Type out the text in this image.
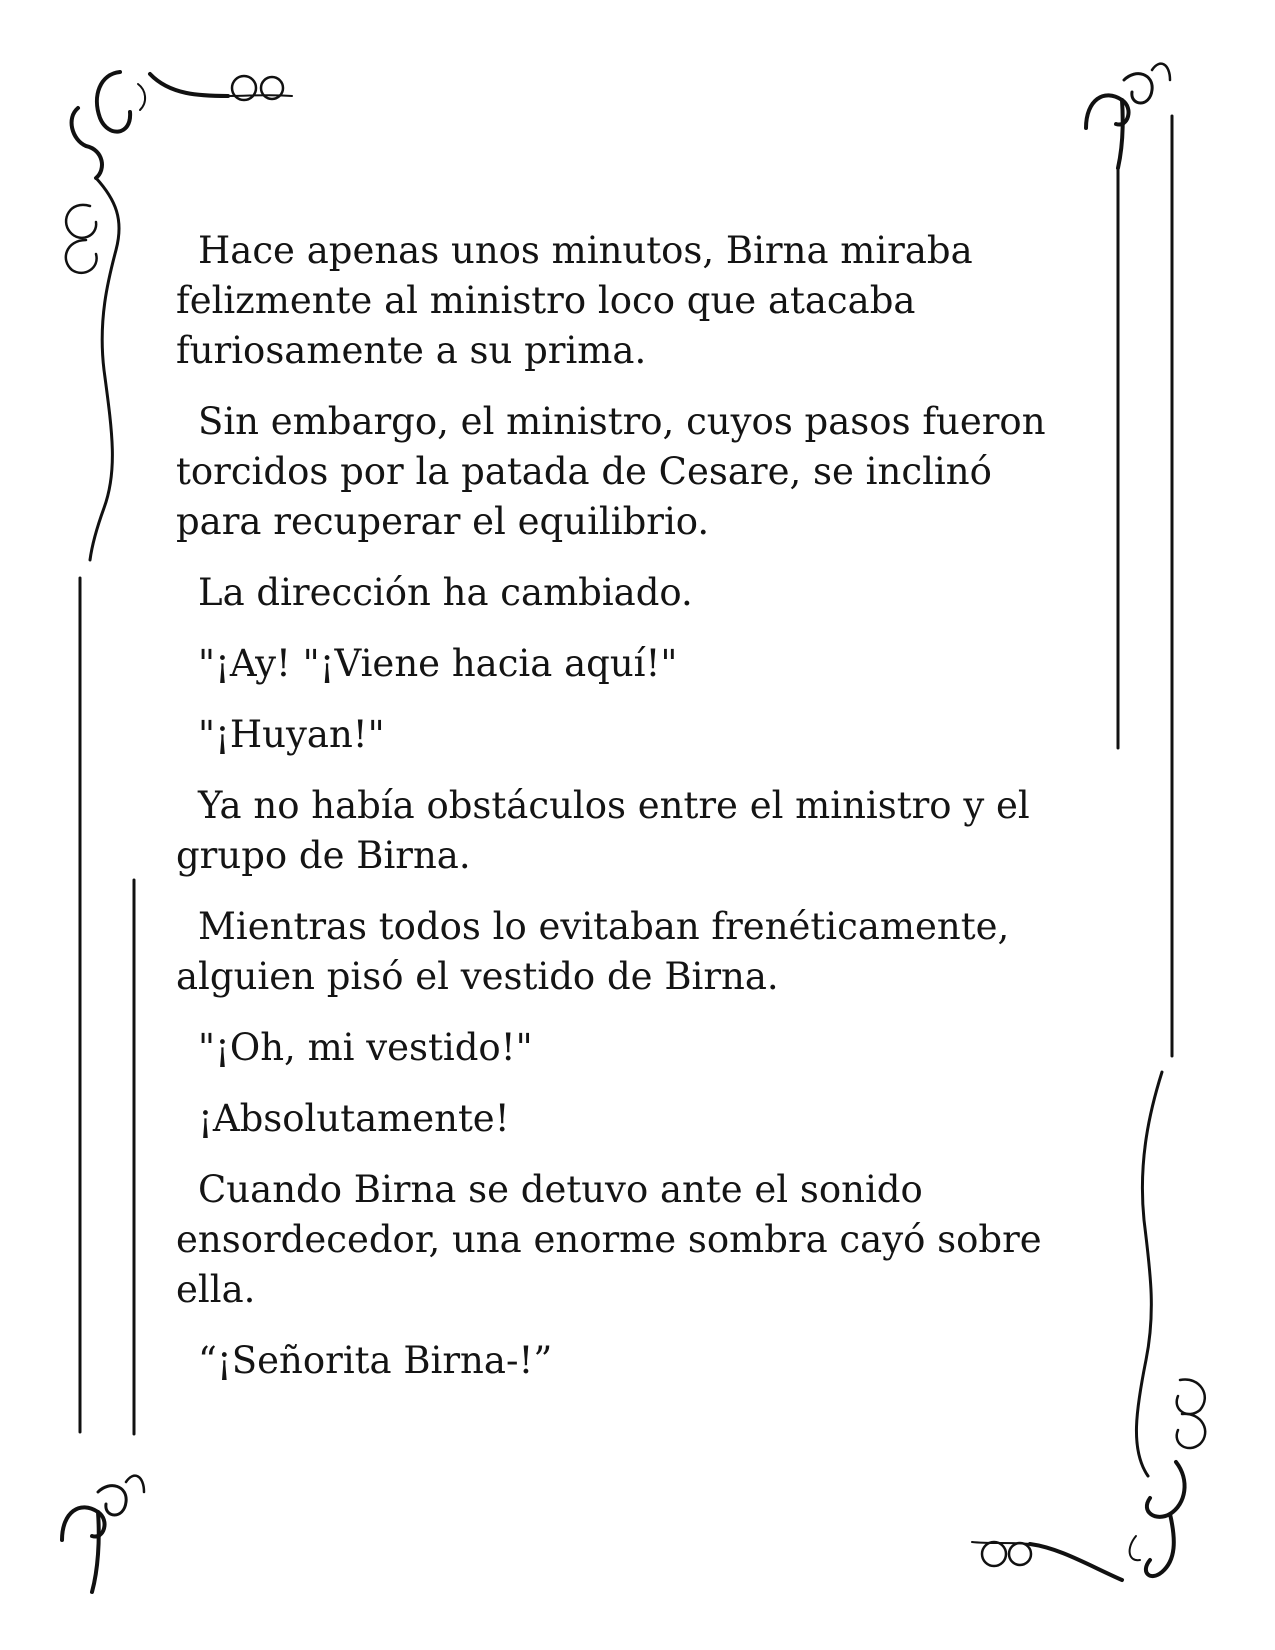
Hace apenas unos minutos, Birna miraba felizmente al ministro loco que atacaba furiosamente a su prima.

Sin embargo, el ministro, cuyos pasos fueron torcidos por la patada de Cesare, se inclinó para recuperar el equilibrio.

La dirección ha cambiado.

"¡Ay! "¡Viene hacia aquí!"

"¡Huyan!"

Ya no había obstáculos entre el ministro y el grupo de Birna.

Mientras todos lo evitaban frenéticamente, alguien pisó el vestido de Birna.

"¡Oh, mi vestido!"

¡Absolutamente!

Cuando Birna se detuvo ante el sonido ensordecedor, una enorme sombra cayó sobre ella.

“¡Señorita Birna-!”
